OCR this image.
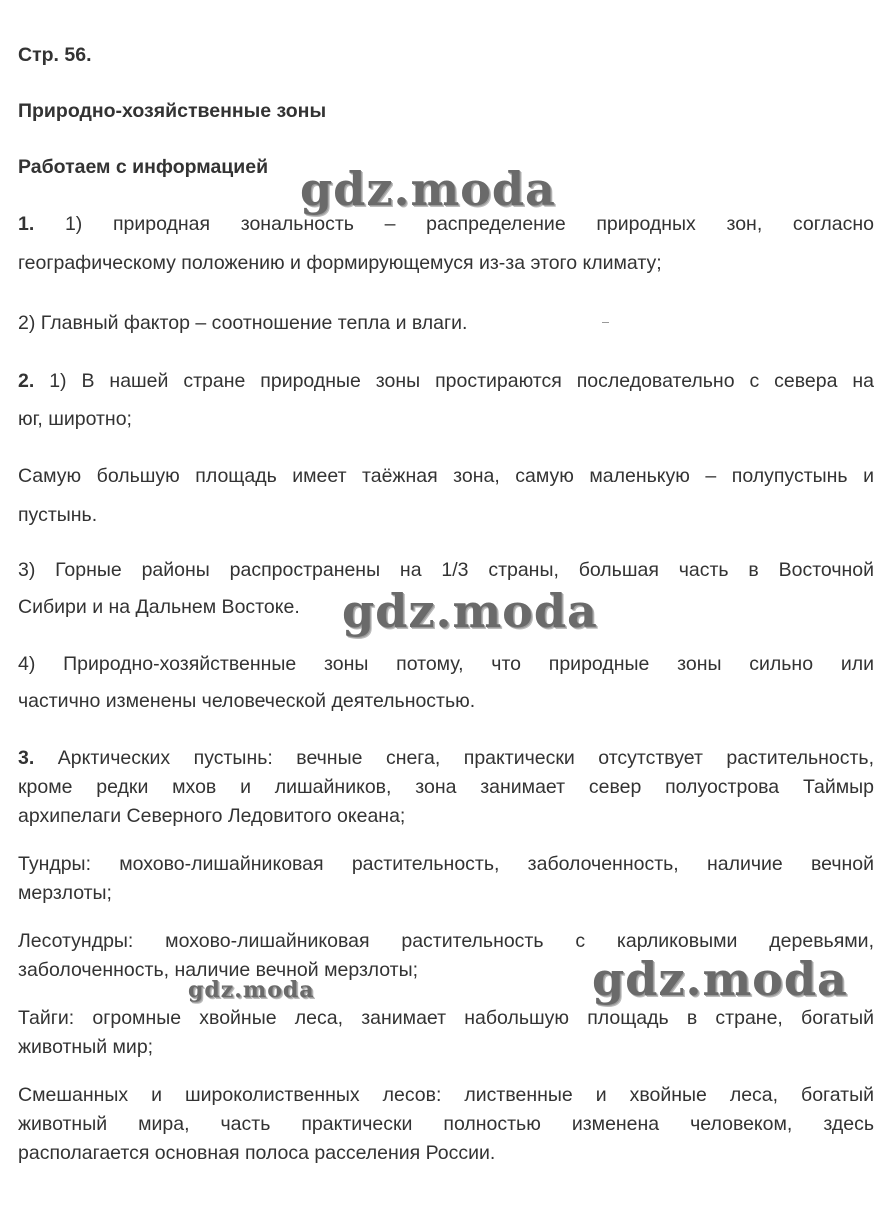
Стр. 56.
Природно-хозяйственные зоны
Работаем с информацией
1. 1) природная зональность – распределение природных зон, согласно
географическому положению и формирующемуся из-за этого климату;
2) Главный фактор – соотношение тепла и влаги.
2. 1) В нашей стране природные зоны простираются последовательно с севера на
юг, широтно;
Самую большую площадь имеет таёжная зона, самую маленькую – полупустынь и
пустынь.
3) Горные районы распространены на 1/3 страны, большая часть в Восточной
Сибири и на Дальнем Востоке.
4) Природно-хозяйственные зоны потому, что природные зоны сильно или
частично изменены человеческой деятельностью.
3. Арктических пустынь: вечные снега, практически отсутствует растительность,
кроме редки мхов и лишайников, зона занимает север полуострова Таймыр
архипелаги Северного Ледовитого океана;
Тундры: мохово-лишайниковая растительность, заболоченность, наличие вечной
мерзлоты;
Лесотундры: мохово-лишайниковая растительность с карликовыми деревьями,
заболоченность, наличие вечной мерзлоты;
Тайги: огромные хвойные леса, занимает набольшую площадь в стране, богатый
животный мир;
Смешанных и широколиственных лесов: лиственные и хвойные леса, богатый
животный мира, часть практически полностью изменена человеком, здесь
располагается основная полоса расселения России.
gdz.moda
gdz.moda
gdz.moda
gdz.moda
